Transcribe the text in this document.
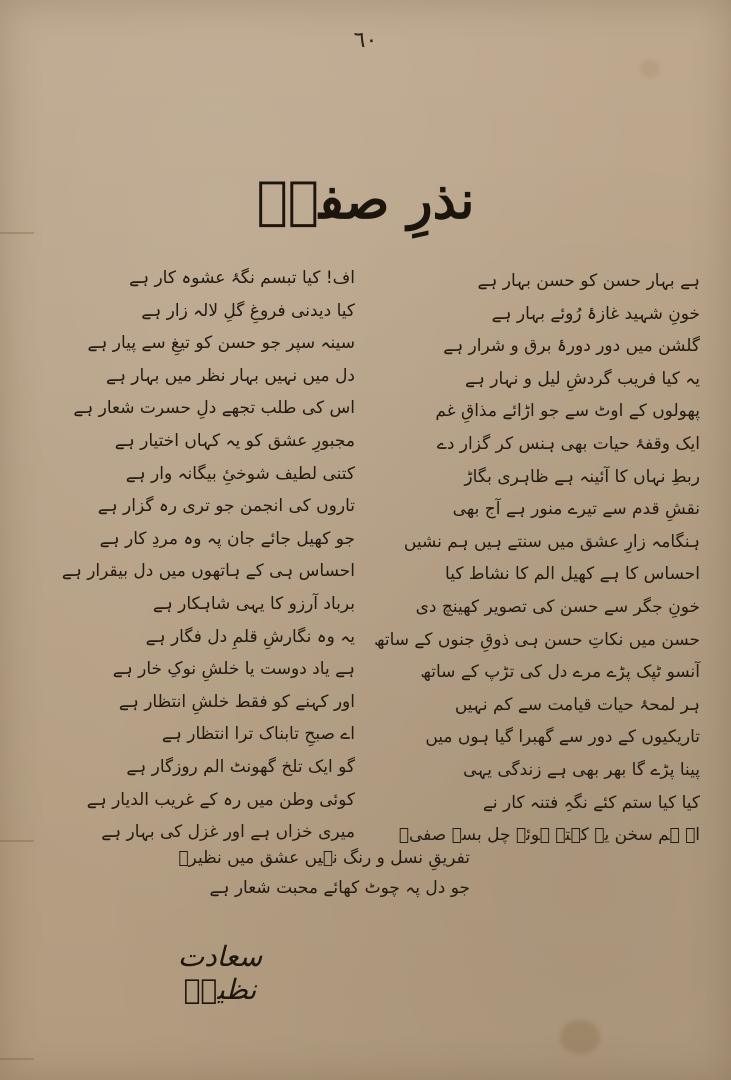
٦٠
نذرِ صفیؔ
ہے بہار حسن کو حسن بہار ہے
خونِ شہید غازۂ رُوئے بہار ہے
گلشن میں دور دورۂ برق و شرار ہے
یہ کیا فریب گردشِ لیل و نہار ہے
پھولوں کے اوٹ سے جو اڑائے مذاقِ غم
ایک وقفۂ حیات بھی ہنس کر گزار دے
ربطِ نہاں کا آئینہ ہے ظاہری بگاڑ
نقشِ قدم سے تیرے منور ہے آج بھی
ہنگامہ زارِ عشق میں سنتے ہیں ہم نشیں
احساس کا ہے کھیل الم کا نشاط کیا
خونِ جگر سے حسن کی تصویر کھینچ دی
حسن میں نکاتِ حسن ہی ذوقِ جنوں کے ساتھ
آنسو ٹپک پڑے مرے دل کی تڑپ کے ساتھ
ہر لمحۂ حیات قیامت سے کم نہیں
تاریکیوں کے دور سے گھبرا گیا ہوں میں
پینا پڑے گا بھر بھی ہے زندگی یہی
کیا کیا ستم کئے نگہِ فتنہ کار نے
اے ہم سخن یہ کہتے ہوئے چل بسے صفیؔ
اف! کیا تبسم نگۂ عشوہ کار ہے
کیا دیدنی فروغِ گلِ لالہ زار ہے
سینہ سپر جو حسن کو تیغِ سے پیار ہے
دل میں نہیں بہار نظر میں بہار ہے
اس کی طلب تجھے دلِ حسرت شعار ہے
مجبورِ عشق کو یہ کہاں اختیار ہے
کتنی لطیف شوخیِٔ بیگانہ وار ہے
تاروں کی انجمن جو تری رہ گزار ہے
جو کھیل جائے جان پہ وہ مردِ کار ہے
احساس ہی کے ہاتھوں میں دل بیقرار ہے
برباد آرزو کا یہی شاہکار ہے
یہ وہ نگارشِ قلمِ دل فگار ہے
ہے یاد دوست یا خلشِ نوکِ خار ہے
اور کہنے کو فقط خلشِ انتظار ہے
اے صبحِ تابناک ترا انتظار ہے
گو ایک تلخ گھونٹ الم روزگار ہے
کوئی وطن میں رہ کے غریب الدیار ہے
میری خزاں ہے اور غزل کی بہار ہے
تفریقِ نسل و رنگ نہیں عشق میں نظیرؔ
جو دل پہ چوٹ کھائے محبت شعار ہے
سعادت نظیرؔ
